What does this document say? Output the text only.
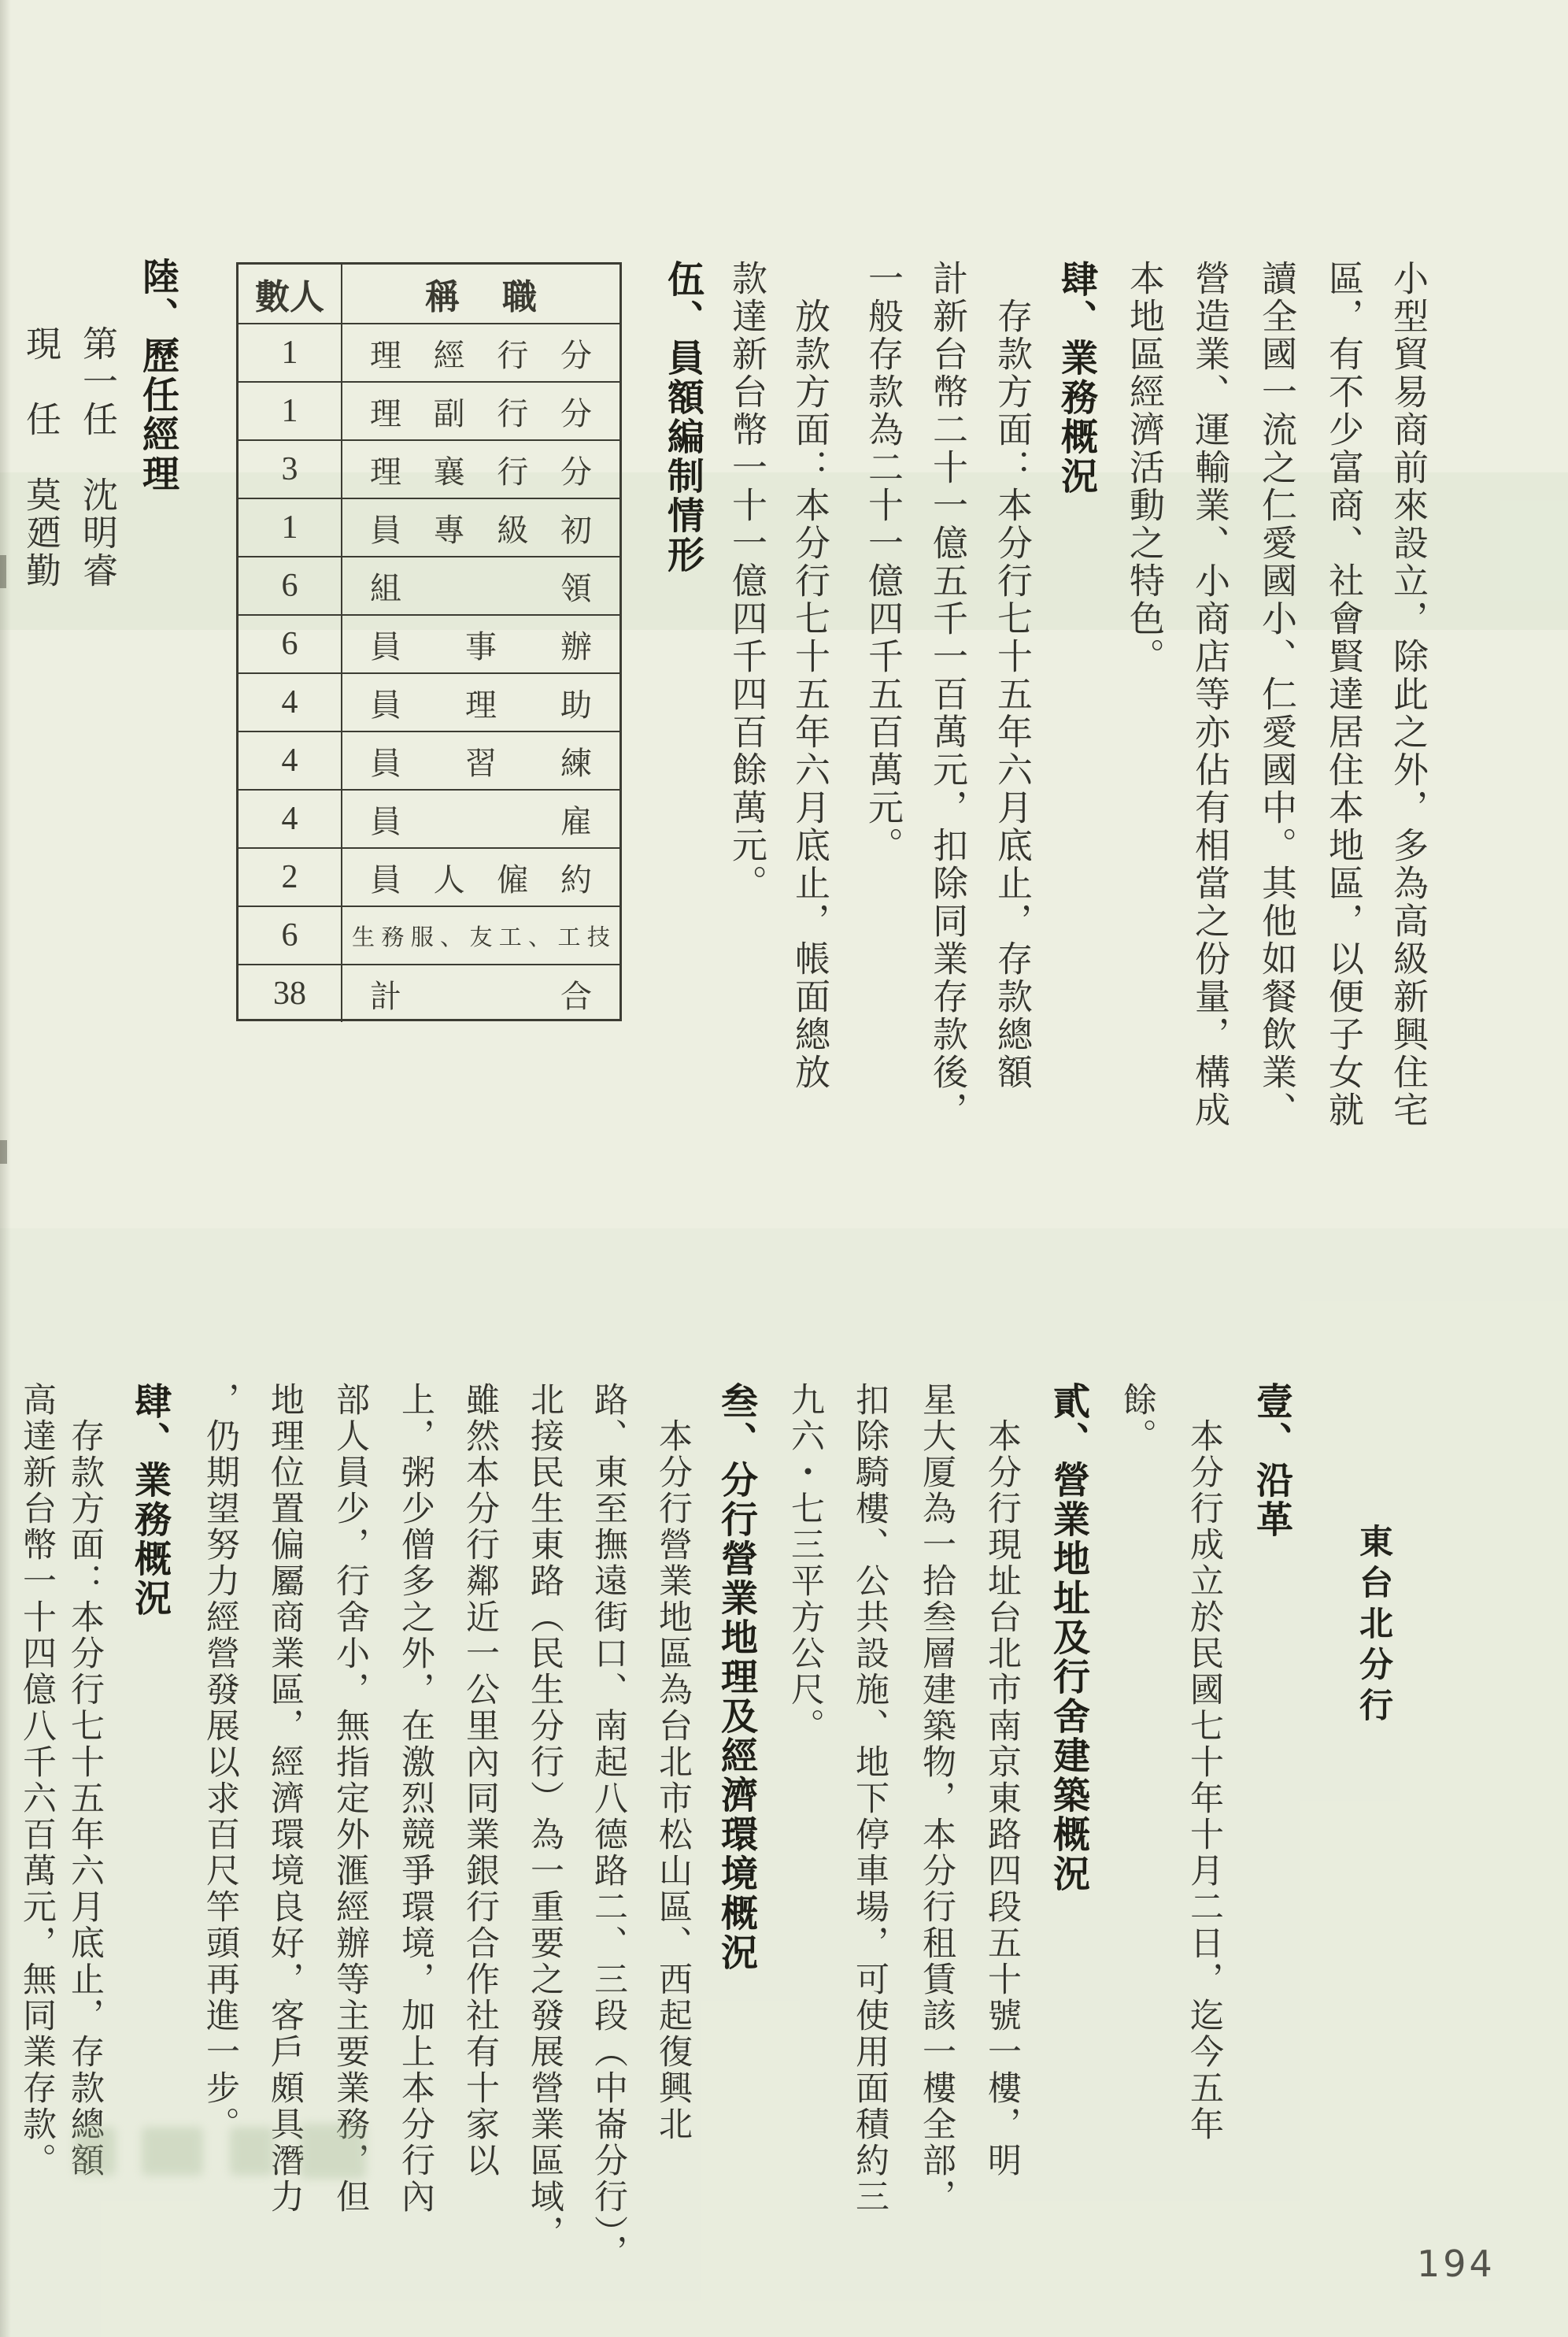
小型貿易商前來設立，除此之外，多為高級新興住宅
區，有不少富商、社會賢達居住本地區，以便子女就
讀全國一流之仁愛國小、仁愛國中。其他如餐飲業、
營造業、運輸業、小商店等亦佔有相當之份量，構成
本地區經濟活動之特色。
肆、業務概況
存款方面：本分行七十五年六月底止，存款總額
計新台幣二十一億五千一百萬元，扣除同業存款後，
一般存款為二十一億四千五百萬元。
放款方面：本分行七十五年六月底止，帳面總放
款達新台幣一十一億四千四百餘萬元。
伍、員額編制情形
數人	稱 職
1	理 經 行 分
1	理 副 行 分
3	理 襄 行 分
1	員 專 級 初
6	組	領
6	員 事 辦
4	員 理 助
4	員 習 練
4	員	雇
2	員 人 僱 約
6	生 務 服 、 友 工 、 工 技
38	計	合
陸、歷任經理
第一任　沈明睿
現　任　莫廼勤
東台北分行
壹、沿革
本分行成立於民國七十年十月二日，迄今五年
餘。
貳、營業地址及行舍建築概況
本分行現址台北市南京東路四段五十號一樓，明
星大厦為一拾叁層建築物，本分行租賃該一樓全部，
扣除騎樓、公共設施、地下停車場，可使用面積約三
九六・七三平方公尺。
叁、分行營業地理及經濟環境概況
本分行營業地區為台北市松山區、西起復興北
路、東至撫遠街口、南起八德路二、三段（中崙分行），
北接民生東路（民生分行）為一重要之發展營業區域，
雖然本分行鄰近一公里內同業銀行合作社有十家以
上，粥少僧多之外，在激烈競爭環境，加上本分行內
部人員少，行舍小，無指定外滙經辦等主要業務，但
地理位置偏屬商業區，經濟環境良好，客戶頗具潛力
，仍期望努力經營發展以求百尺竿頭再進一步。
肆、業務概況
存款方面：本分行七十五年六月底止，存款總額
高達新台幣一十四億八千六百萬元，無同業存款。
194
